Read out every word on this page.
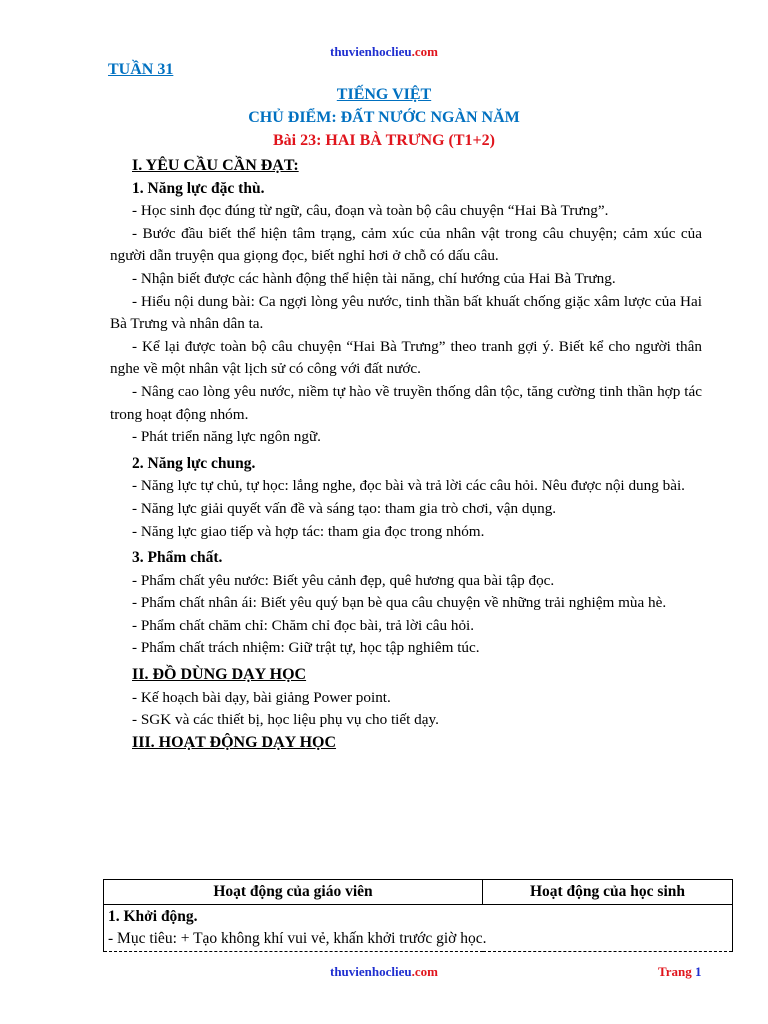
thuvienhoclieu.com
TUẦN 31
TIẾNG VIỆT
CHỦ ĐIỂM: ĐẤT NƯỚC NGÀN NĂM
Bài 23: HAI BÀ TRƯNG (T1+2)
I. YÊU CẦU CẦN ĐẠT:
1. Năng lực đặc thù.

- Học sinh đọc đúng từ ngữ, câu, đoạn và toàn bộ câu chuyện “Hai Bà Trưng”.

- Bước đầu biết thể hiện tâm trạng, cảm xúc của nhân vật trong câu chuyện; cảm xúc của người dẫn truyện qua giọng đọc, biết nghỉ hơi ở chỗ có dấu câu.

- Nhận biết được các hành động thể hiện tài năng, chí hướng của Hai Bà Trưng.

- Hiểu nội dung bài: Ca ngợi lòng yêu nước, tinh thần bất khuất chống giặc xâm lược của Hai Bà Trưng và nhân dân ta.

- Kể lại được toàn bộ câu chuyện “Hai Bà Trưng” theo tranh gợi ý. Biết kể cho người thân nghe về một nhân vật lịch sử có công với đất nước.

- Nâng cao lòng yêu nước, niềm tự hào về truyền thống dân tộc, tăng cường tinh thần hợp tác trong hoạt động nhóm.

- Phát triển năng lực ngôn ngữ.

2. Năng lực chung.

- Năng lực tự chủ, tự học: lắng nghe, đọc bài và trả lời các câu hỏi. Nêu được nội dung bài.

- Năng lực giải quyết vấn đề và sáng tạo: tham gia trò chơi, vận dụng.

- Năng lực giao tiếp và hợp tác: tham gia đọc trong nhóm.

3. Phẩm chất.

- Phẩm chất yêu nước: Biết yêu cảnh đẹp, quê hương qua bài tập đọc.

- Phẩm chất nhân ái: Biết yêu quý bạn bè qua câu chuyện về những trải nghiệm mùa hè.

- Phẩm chất chăm chỉ: Chăm chỉ đọc bài, trả lời câu hỏi.

- Phẩm chất trách nhiệm: Giữ trật tự, học tập nghiêm túc.

II. ĐỒ DÙNG DẠY HỌC

- Kế hoạch bài dạy, bài giảng Power point.

- SGK và các thiết bị, học liệu phụ vụ cho tiết dạy.

III. HOẠT ĐỘNG DẠY HỌC
Hoạt động của giáo viên	Hoạt động của học sinh

1. Khởi động.
- Mục tiêu: + Tạo không khí vui vẻ, khấn khởi trước giờ học.
thuvienhoclieu.com	Trang 1
